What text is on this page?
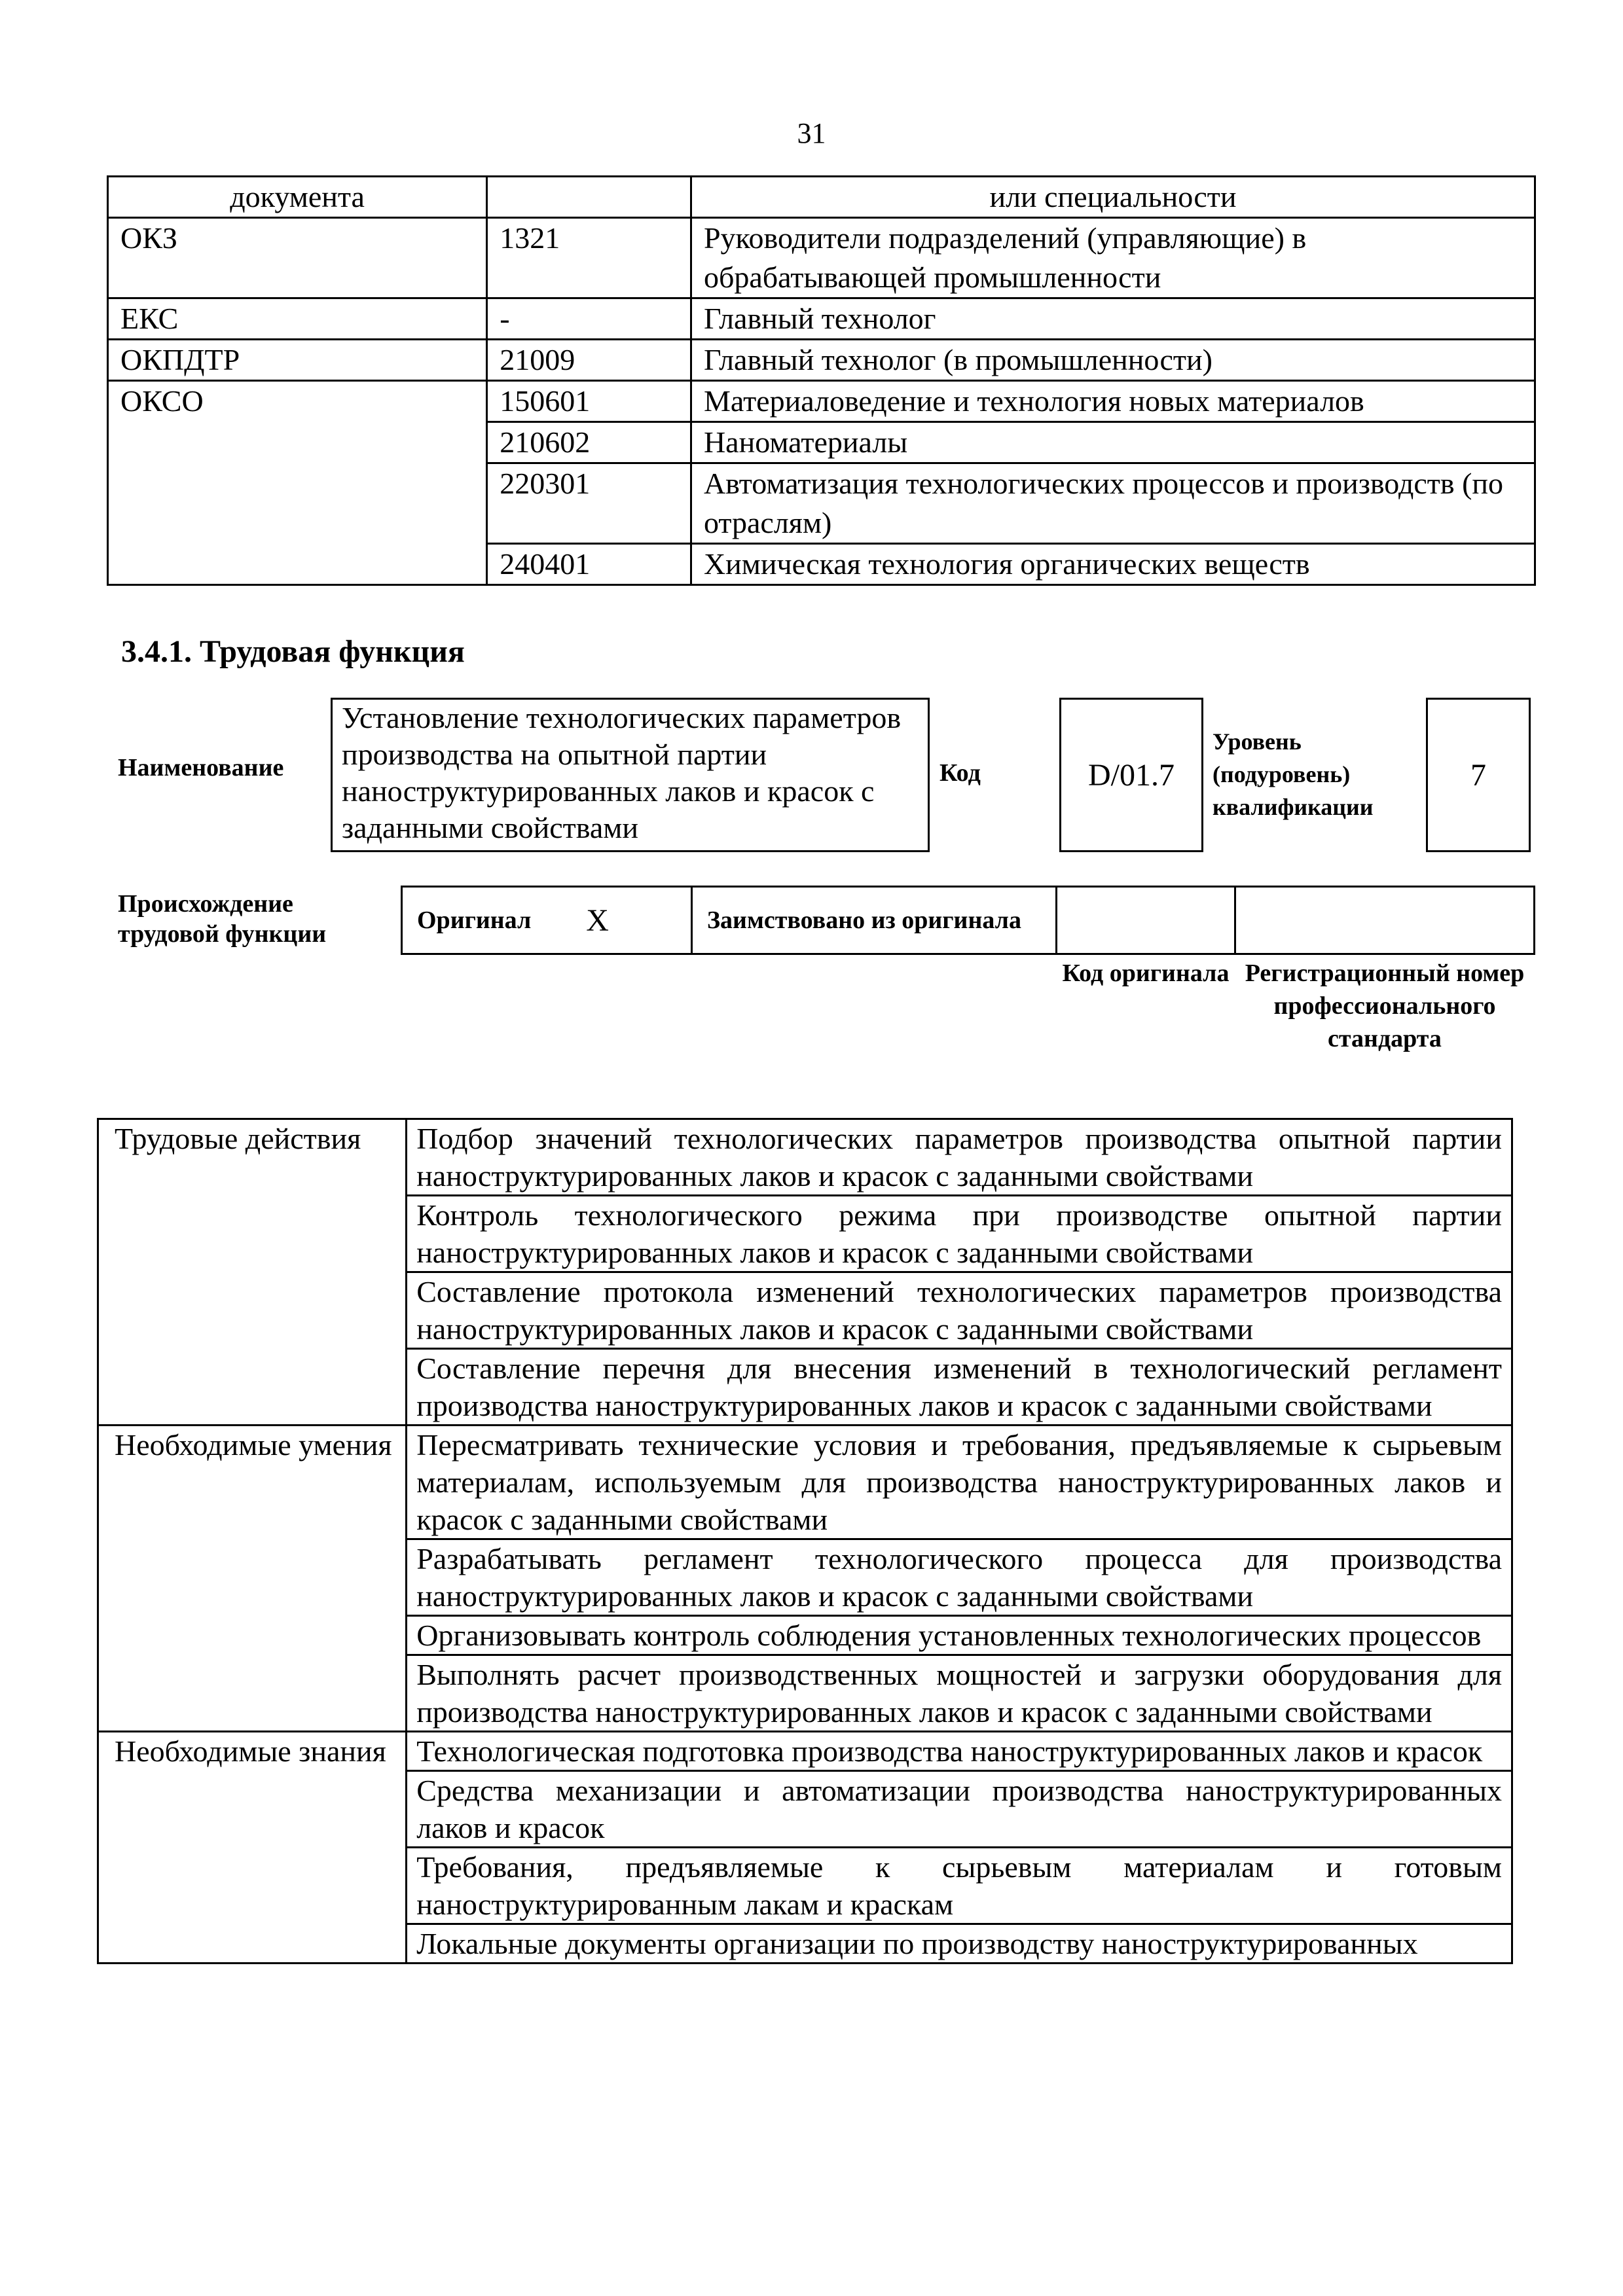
31
документа		или специальности
ОКЗ	1321	Руководители подразделений (управляющие) в обрабатывающей промышленности
ЕКС	-	Главный технолог
ОКПДТР	21009	Главный технолог (в промышленности)
ОКСО	150601	Материаловедение и технология новых материалов
	210602	Наноматериалы
	220301	Автоматизация технологических процессов и производств (по отраслям)
	240401	Химическая технология органических веществ
3.4.1. Трудовая функция
Наименование
Установление технологических параметров производства на опытной партии наноструктурированных лаков и красок с заданными свойствами
Код	D/01.7
Уровень (подуровень) квалификации
7
Происхождение трудовой функции	Оригинал X	Заимствовано из оригинала
Код оригинала Регистрационный номер профессионального стандарта
Трудовые действия	Подбор значений технологических параметров производства опытной партии наноструктурированных лаков и красок с заданными свойствами
	Контроль технологического режима при производстве опытной партии наноструктурированных лаков и красок с заданными свойствами
	Составление протокола изменений технологических параметров производства наноструктурированных лаков и красок с заданными свойствами
	Составление перечня для внесения изменений в технологический регламент производства наноструктурированных лаков и красок с заданными свойствами
Необходимые умения	Пересматривать технические условия и требования, предъявляемые к сырьевым материалам, используемым для производства наноструктурированных лаков и красок с заданными свойствами
	Разрабатывать регламент технологического процесса для производства наноструктурированных лаков и красок с заданными свойствами
	Организовывать контроль соблюдения установленных технологических процессов
	Выполнять расчет производственных мощностей и загрузки оборудования для производства наноструктурированных лаков и красок с заданными свойствами
Необходимые знания	Технологическая подготовка производства наноструктурированных лаков и красок
	Средства механизации и автоматизации производства наноструктурированных лаков и красок
	Требования, предъявляемые к сырьевым материалам и готовым наноструктурированным лакам и краскам
	Локальные документы организации по производству наноструктурированных
